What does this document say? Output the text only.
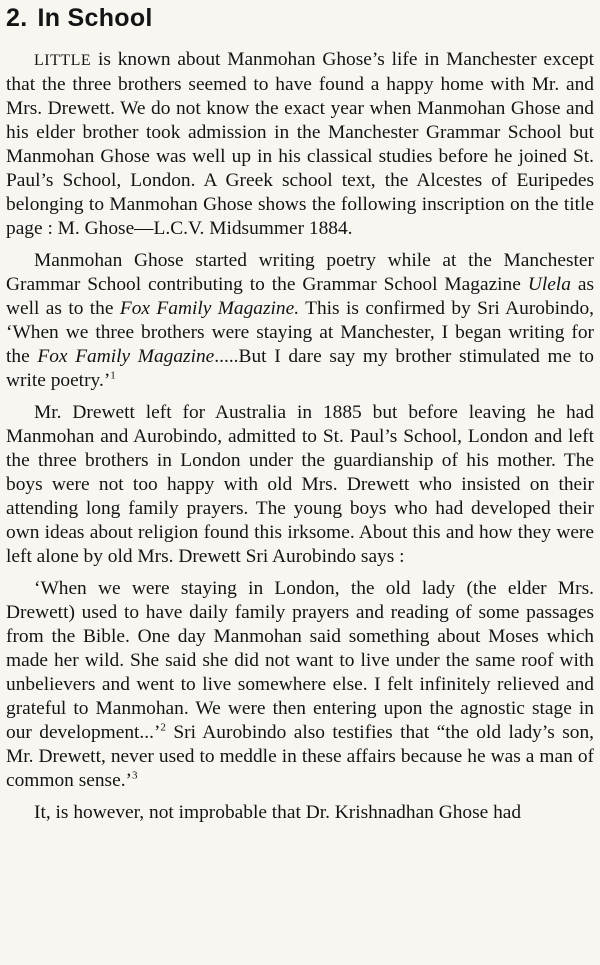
2. In School

LITTLE is known about Manmohan Ghose’s life in Manchester except that the three brothers seemed to have found a happy home with Mr. and Mrs. Drewett. We do not know the exact year when Manmohan Ghose and his elder brother took admission in the Manchester Grammar School but Manmohan Ghose was well up in his classical studies before he joined St. Paul’s School, London. A Greek school text, the Alcestes of Euripedes belonging to Manmohan Ghose shows the following inscription on the title page : M. Ghose—L.C.V. Midsummer 1884.

Manmohan Ghose started writing poetry while at the Manchester Grammar School contributing to the Grammar School Magazine Ulela as well as to the Fox Family Magazine. This is confirmed by Sri Aurobindo, ‘When we three brothers were staying at Manchester, I began writing for the Fox Family Magazine.....But I dare say my brother stimulated me to write poetry.’$^1$

Mr. Drewett left for Australia in 1885 but before leaving he had Manmohan and Aurobindo, admitted to St. Paul’s School, London and left the three brothers in London under the guardianship of his mother. The boys were not too happy with old Mrs. Drewett who insisted on their attending long family prayers. The young boys who had developed their own ideas about religion found this irksome. About this and how they were left alone by old Mrs. Drewett Sri Aurobindo says :

‘When we were staying in London, the old lady (the elder Mrs. Drewett) used to have daily family prayers and reading of some passages from the Bible. One day Manmohan said something about Moses which made her wild. She said she did not want to live under the same roof with unbelievers and went to live somewhere else. I felt infinitely relieved and grateful to Manmohan. We were then entering upon the agnostic stage in our development...’$^2$ Sri Aurobindo also testifies that “the old lady’s son, Mr. Drewett, never used to meddle in these affairs because he was a man of common sense.’$^3$

It, is however, not improbable that Dr. Krishnadhan Ghose had
